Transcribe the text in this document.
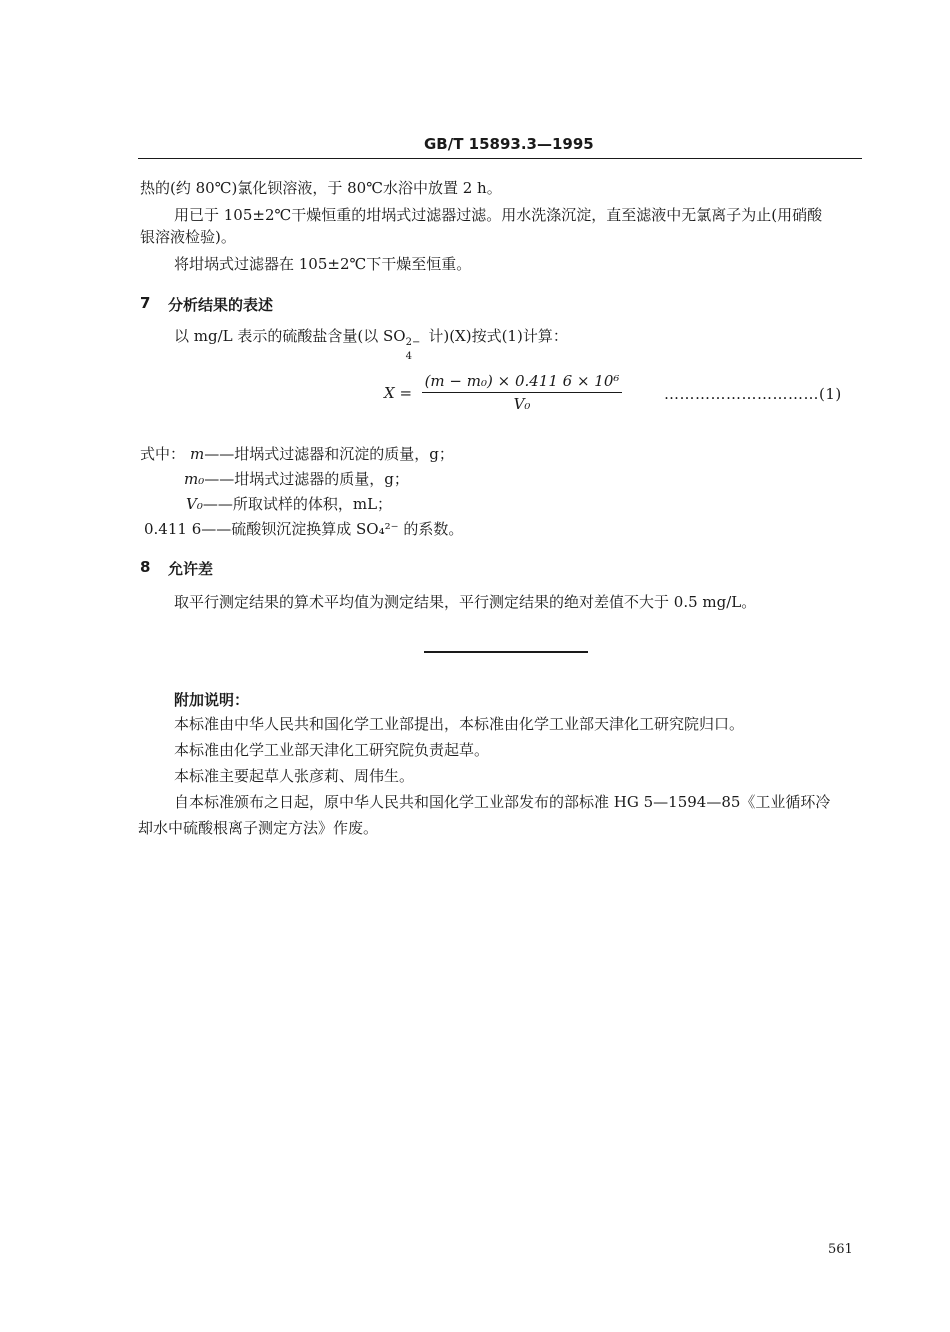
GB/T 15893.3—1995
热的(约 80℃)氯化钡溶液，于 80℃水浴中放置 2 h。
用已于 105±2℃干燥恒重的坩埚式过滤器过滤。用水洗涤沉淀，直至滤液中无氯离子为止(用硝酸
银溶液检验)。
将坩埚式过滤器在 105±2℃下干燥至恒重。
7 分析结果的表述
以 mg/L 表示的硫酸盐含量(以 SO 2−
4
计)(X)按式(1)计算：
X =
(m − m₀) × 0.411 6 × 10⁶
V₀
…………………………(1)
式中： m——坩埚式过滤器和沉淀的质量，g；
m₀——坩埚式过滤器的质量，g；
V₀——所取试样的体积，mL；
0.411 6——硫酸钡沉淀换算成 SO₄²⁻ 的系数。
8 允许差
取平行测定结果的算术平均值为测定结果，平行测定结果的绝对差值不大于 0.5 mg/L。
附加说明：
本标准由中华人民共和国化学工业部提出，本标准由化学工业部天津化工研究院归口。
本标准由化学工业部天津化工研究院负责起草。
本标准主要起草人张彦莉、周伟生。
自本标准颁布之日起，原中华人民共和国化学工业部发布的部标准 HG 5—1594—85《工业循环冷
却水中硫酸根离子测定方法》作废。
561
